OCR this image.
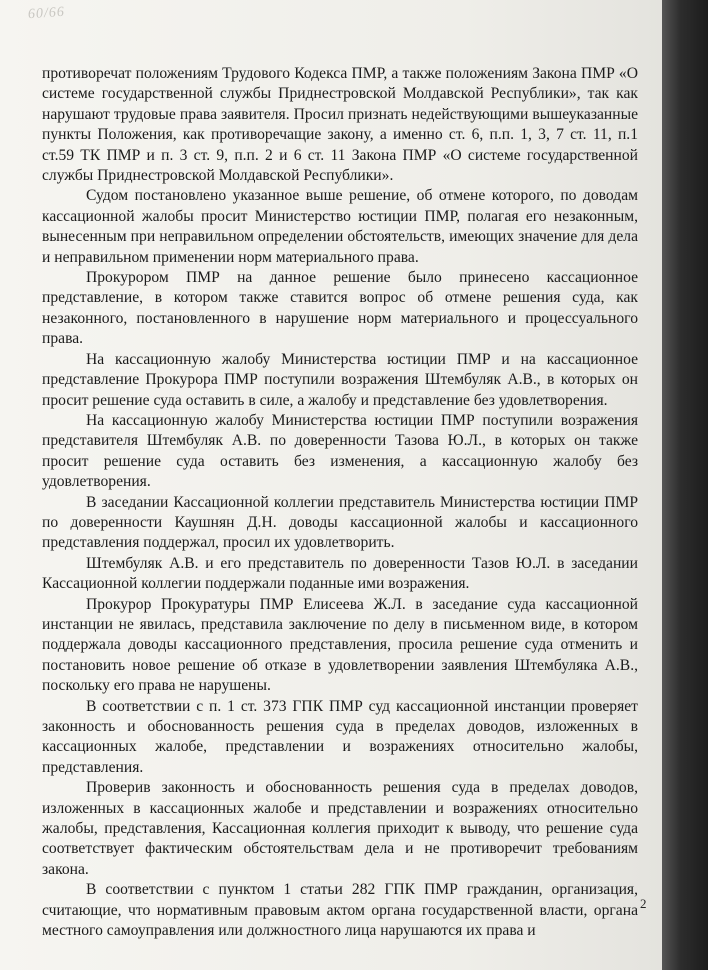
60/66

противоречат положениям Трудового Кодекса ПМР, а также положениям Закона ПМР «О системе государственной службы Приднестровской Молдавской Республики», так как нарушают трудовые права заявителя. Просил признать недействующими вышеуказанные пункты Положения, как противоречащие закону, а именно ст. 6, п.п. 1, 3, 7 ст. 11, п.1 ст.59 ТК ПМР и п. 3 ст. 9, п.п. 2 и 6 ст. 11 Закона ПМР «О системе государственной службы Приднестровской Молдавской Республики».

Судом постановлено указанное выше решение, об отмене которого, по доводам кассационной жалобы просит Министерство юстиции ПМР, полагая его незаконным, вынесенным при неправильном определении обстоятельств, имеющих значение для дела и неправильном применении норм материального права.

Прокурором ПМР на данное решение было принесено кассационное представление, в котором также ставится вопрос об отмене решения суда, как незаконного, постановленного в нарушение норм материального и процессуального права.

На кассационную жалобу Министерства юстиции ПМР и на кассационное представление Прокурора ПМР поступили возражения Штембуляк А.В., в которых он просит решение суда оставить в силе, а жалобу и представление без удовлетворения.

На кассационную жалобу Министерства юстиции ПМР поступили возражения представителя Штембуляк А.В. по доверенности Тазова Ю.Л., в которых он также просит решение суда оставить без изменения, а кассационную жалобу без удовлетворения.

В заседании Кассационной коллегии представитель Министерства юстиции ПМР по доверенности Каушнян Д.Н. доводы кассационной жалобы и кассационного представления поддержал, просил их удовлетворить.

Штембуляк А.В. и его представитель по доверенности Тазов Ю.Л. в заседании Кассационной коллегии поддержали поданные ими возражения.

Прокурор Прокуратуры ПМР Елисеева Ж.Л. в заседание суда кассационной инстанции не явилась, представила заключение по делу в письменном виде, в котором поддержала доводы кассационного представления, просила решение суда отменить и постановить новое решение об отказе в удовлетворении заявления Штембуляка А.В., поскольку его права не нарушены.

В соответствии с п. 1 ст. 373 ГПК ПМР суд кассационной инстанции проверяет законность и обоснованность решения суда в пределах доводов, изложенных в кассационных жалобе, представлении и возражениях относительно жалобы, представления.

Проверив законность и обоснованность решения суда в пределах доводов, изложенных в кассационных жалобе и представлении и возражениях относительно жалобы, представления, Кассационная коллегия приходит к выводу, что решение суда соответствует фактическим обстоятельствам дела и не противоречит требованиям закона.

В соответствии с пунктом 1 статьи 282 ГПК ПМР гражданин, организация, считающие, что нормативным правовым актом органа государственной власти, органа местного самоуправления или должностного лица нарушаются их права и

2
